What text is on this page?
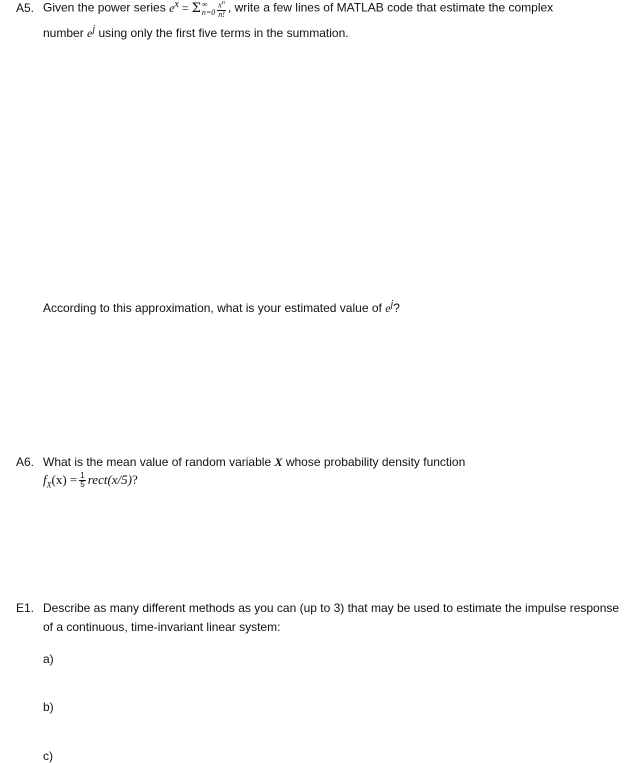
A5. Given the power series $e^x = \Sigma$ ∞
$n=0 \frac{x^n}{n!}$ , write a few lines of MATLAB code that estimate the complex
number $e^j$ using only the first five terms in the summation.
According to this approximation, what is your estimated value of $e^j$?
A6. What is the mean value of random variable X whose probability density function
$f_X(x) = \frac{1}{5}$ rect(x/5)?
E1. Describe as many different methods as you can (up to 3) that may be used to estimate the impulse response
of a continuous, time-invariant linear system:
a)
b)
c)
